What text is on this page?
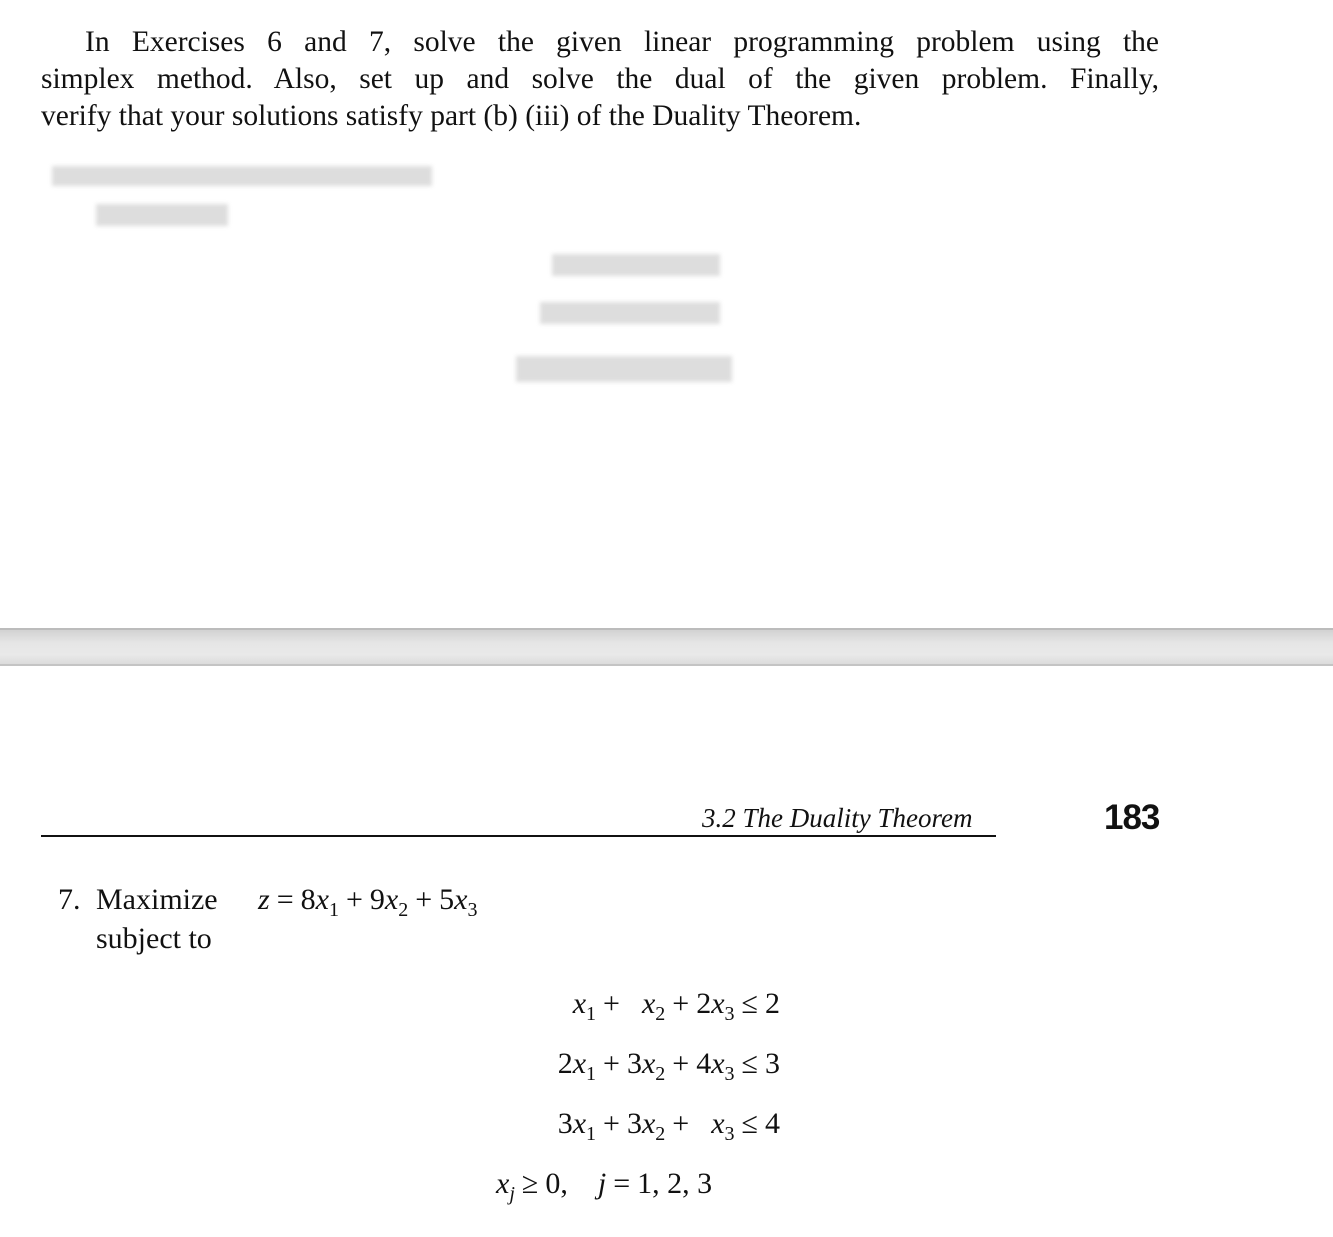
In Exercises 6 and 7, solve the given linear programming problem using the
simplex method. Also, set up and solve the dual of the given problem. Finally,
verify that your solutions satisfy part (b) (iii) of the Duality Theorem.
3.2 The Duality Theorem	183
7. Maximize
subject to
$z = 8x_1 + 9x_2 + 5x_3$
$x_1 + x_2 + 2x_3 \le 2$
$2x_1 + 3x_2 + 4x_3 \le 3$
$3x_1 + 3x_2 + x_3 \le 4$
$x_j \ge 0$, j = 1, 2, 3
